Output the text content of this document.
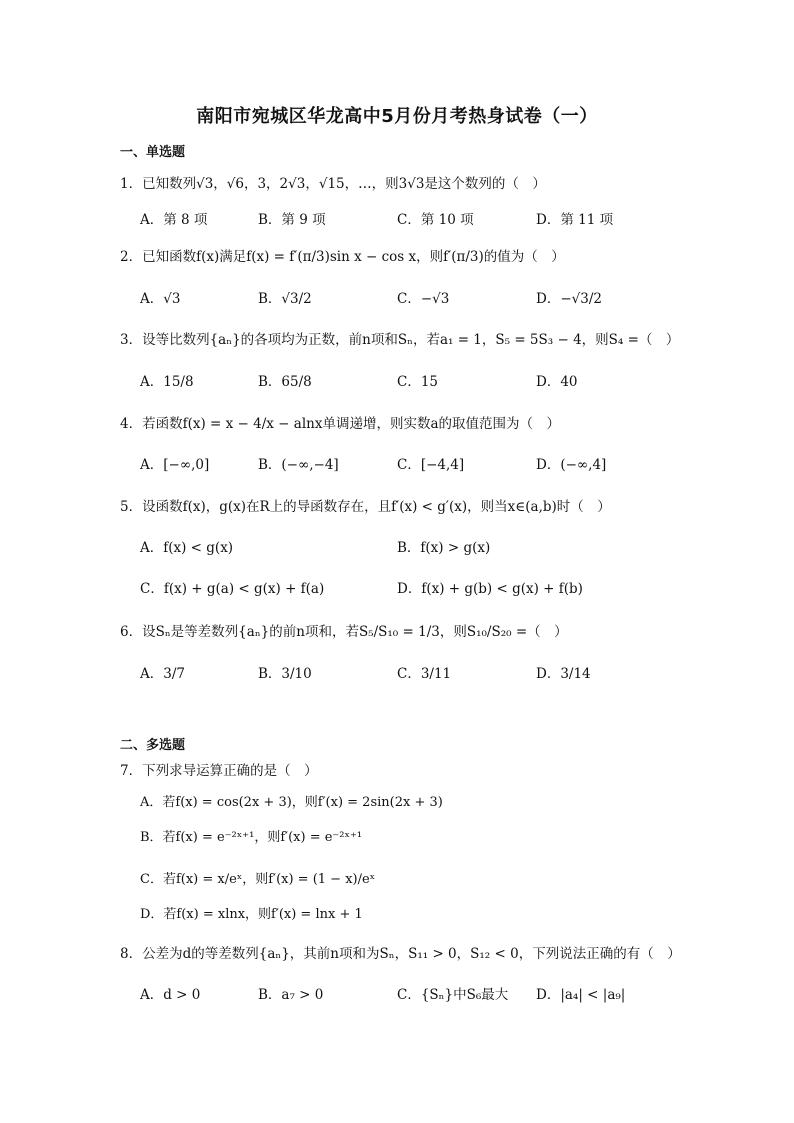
南阳市宛城区华龙高中5月份月考热身试卷（一）
一、单选题
1．已知数列√3，√6，3，2√3，√15，…，则3√3是这个数列的（　）
A．第 8 项	B．第 9 项	C．第 10 项	D．第 11 项
2．已知函数f(x)满足f(x) = f′(π/3)sin x − cos x，则f′(π/3)的值为（　）
A．√3	B．√3/2	C．−√3	D．−√3/2
3．设等比数列{aₙ}的各项均为正数，前n项和Sₙ，若a₁ = 1，S₅ = 5S₃ − 4，则S₄ =（　）
A．15/8	B．65/8	C．15	D．40
4．若函数f(x) = x − 4/x − alnx单调递增，则实数a的取值范围为（　）
A．[−∞,0]	B．(−∞,−4]	C．[−4,4]	D．(−∞,4]
5．设函数f(x)，g(x)在R上的导函数存在，且f′(x) < g′(x)，则当x∈(a,b)时（　）
A．f(x) < g(x)	B．f(x) > g(x)
C．f(x) + g(a) < g(x) + f(a)	D．f(x) + g(b) < g(x) + f(b)
6．设Sₙ是等差数列{aₙ}的前n项和，若S₅/S₁₀ = 1/3，则S₁₀/S₂₀ =（　）
A．3/7	B．3/10	C．3/11	D．3/14
二、多选题
7．下列求导运算正确的是（　）
A．若f(x) = cos(2x + 3)，则f′(x) = 2sin(2x + 3)
B．若f(x) = e⁻²ˣ⁺¹，则f′(x) = e⁻²ˣ⁺¹
C．若f(x) = x/eˣ，则f′(x) = (1 − x)/eˣ
D．若f(x) = xlnx，则f′(x) = lnx + 1
8．公差为d的等差数列{aₙ}，其前n项和为Sₙ，S₁₁ > 0，S₁₂ < 0，下列说法正确的有（　）
A．d > 0	B．a₇ > 0	C．{Sₙ}中S₆最大 D．|a₄| < |a₉|
